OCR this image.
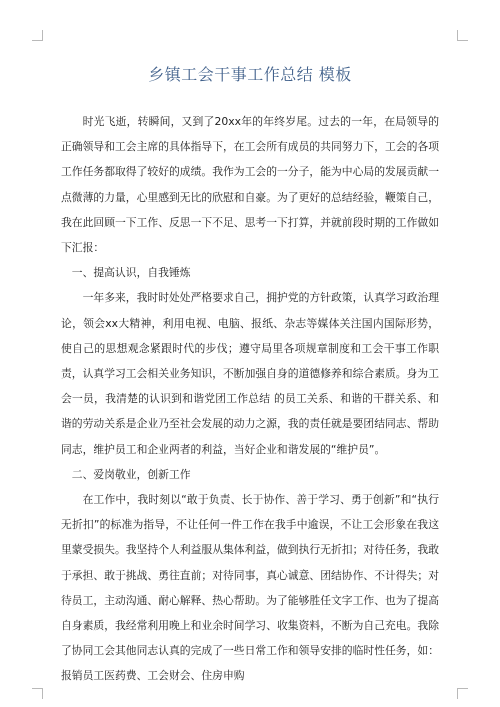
乡镇工会干事工作总结 模板

时光飞逝，转瞬间，又到了20xx年的年终岁尾。过去的一年，在局领导的正确领导和工会主席的具体指导下，在工会所有成员的共同努力下，工会的各项工作任务都取得了较好的成绩。我作为工会的一分子，能为中心局的发展贡献一点微薄的力量，心里感到无比的欣慰和自豪。为了更好的总结经验，鞭策自己，我在此回顾一下工作、反思一下不足、思考一下打算，并就前段时期的工作做如下汇报：

一、提高认识，自我锤炼

一年多来，我时时处处严格要求自己，拥护党的方针政策，认真学习政治理论，领会xx大精神，利用电视、电脑、报纸、杂志等媒体关注国内国际形势，使自己的思想观念紧跟时代的步伐；遵守局里各项规章制度和工会干事工作职责，认真学习工会相关业务知识，不断加强自身的道德修养和综合素质。身为工会一员，我清楚的认识到和谐党团工作总结 的员工关系、和谐的干群关系、和谐的劳动关系是企业乃至社会发展的动力之源，我的责任就是要团结同志、帮助同志，维护员工和企业两者的利益，当好企业和谐发展的“维护员”。

二、爱岗敬业，创新工作

在工作中，我时刻以“敢于负责、长于协作、善于学习、勇于创新”和“执行无折扣”的标准为指导，不让任何一件工作在我手中逾误，不让工会形象在我这里蒙受损失。我坚持个人利益服从集体利益，做到执行无折扣；对待任务，我敢于承担、敢于挑战、勇往直前；对待同事，真心诚意、团结协作、不计得失；对待员工，主动沟通、耐心解释、热心帮助。为了能够胜任文字工作、也为了提高自身素质，我经常利用晚上和业余时间学习、收集资料，不断为自己充电。我除了协同工会其他同志认真的完成了一些日常工作和领导安排的临时性任务，如：报销员工医药费、工会财会、住房申购
